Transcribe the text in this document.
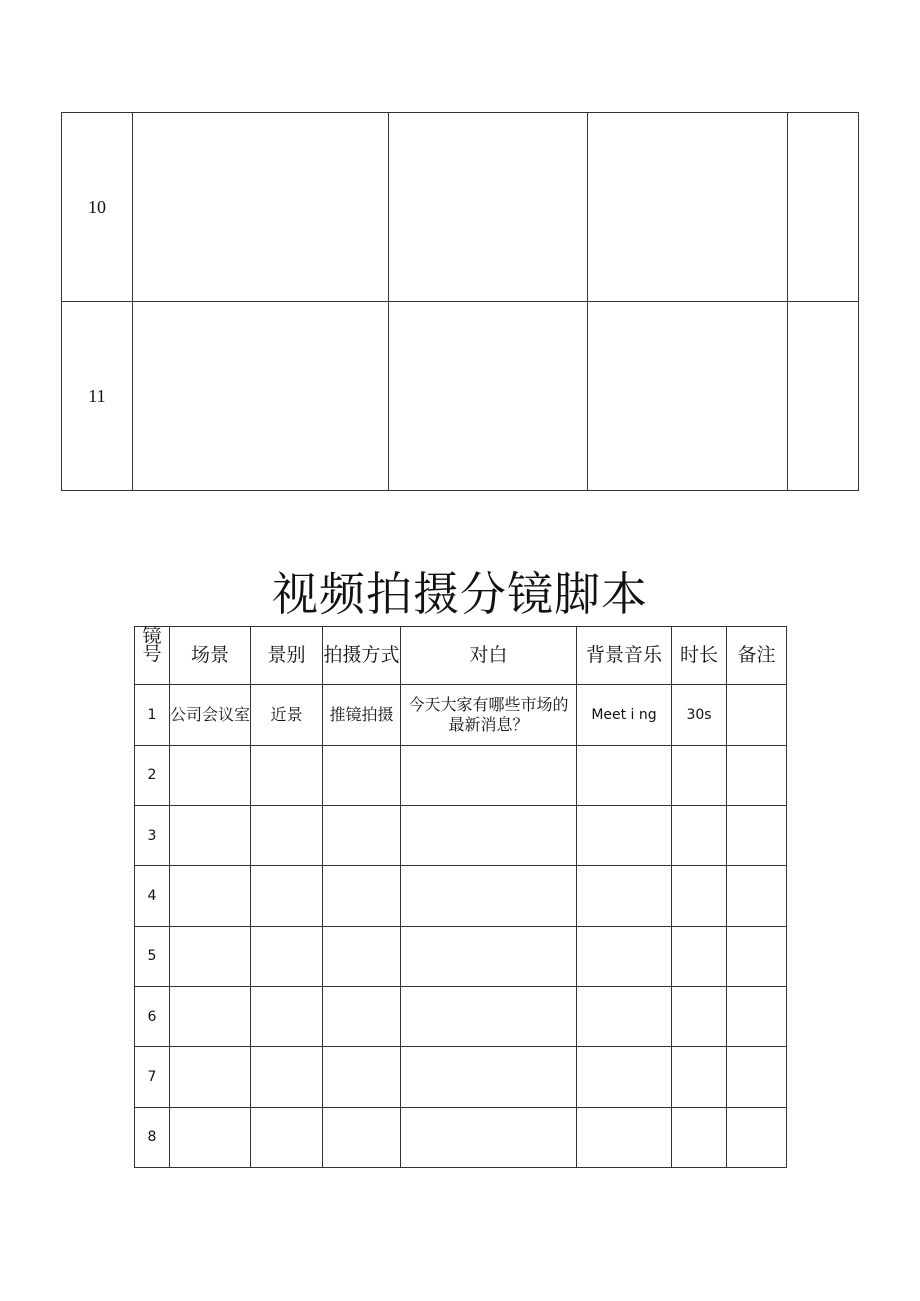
10				
11				
视频拍摄分镜脚本
镜号	场景	景别	拍摄方式	对白	背景音乐	时长	备注
1	公司会议室	近景	推镜拍摄	今天大家有哪些市场的最新消息？	Meet i ng	30s	
2							
3							
4							
5							
6							
7							
8							
